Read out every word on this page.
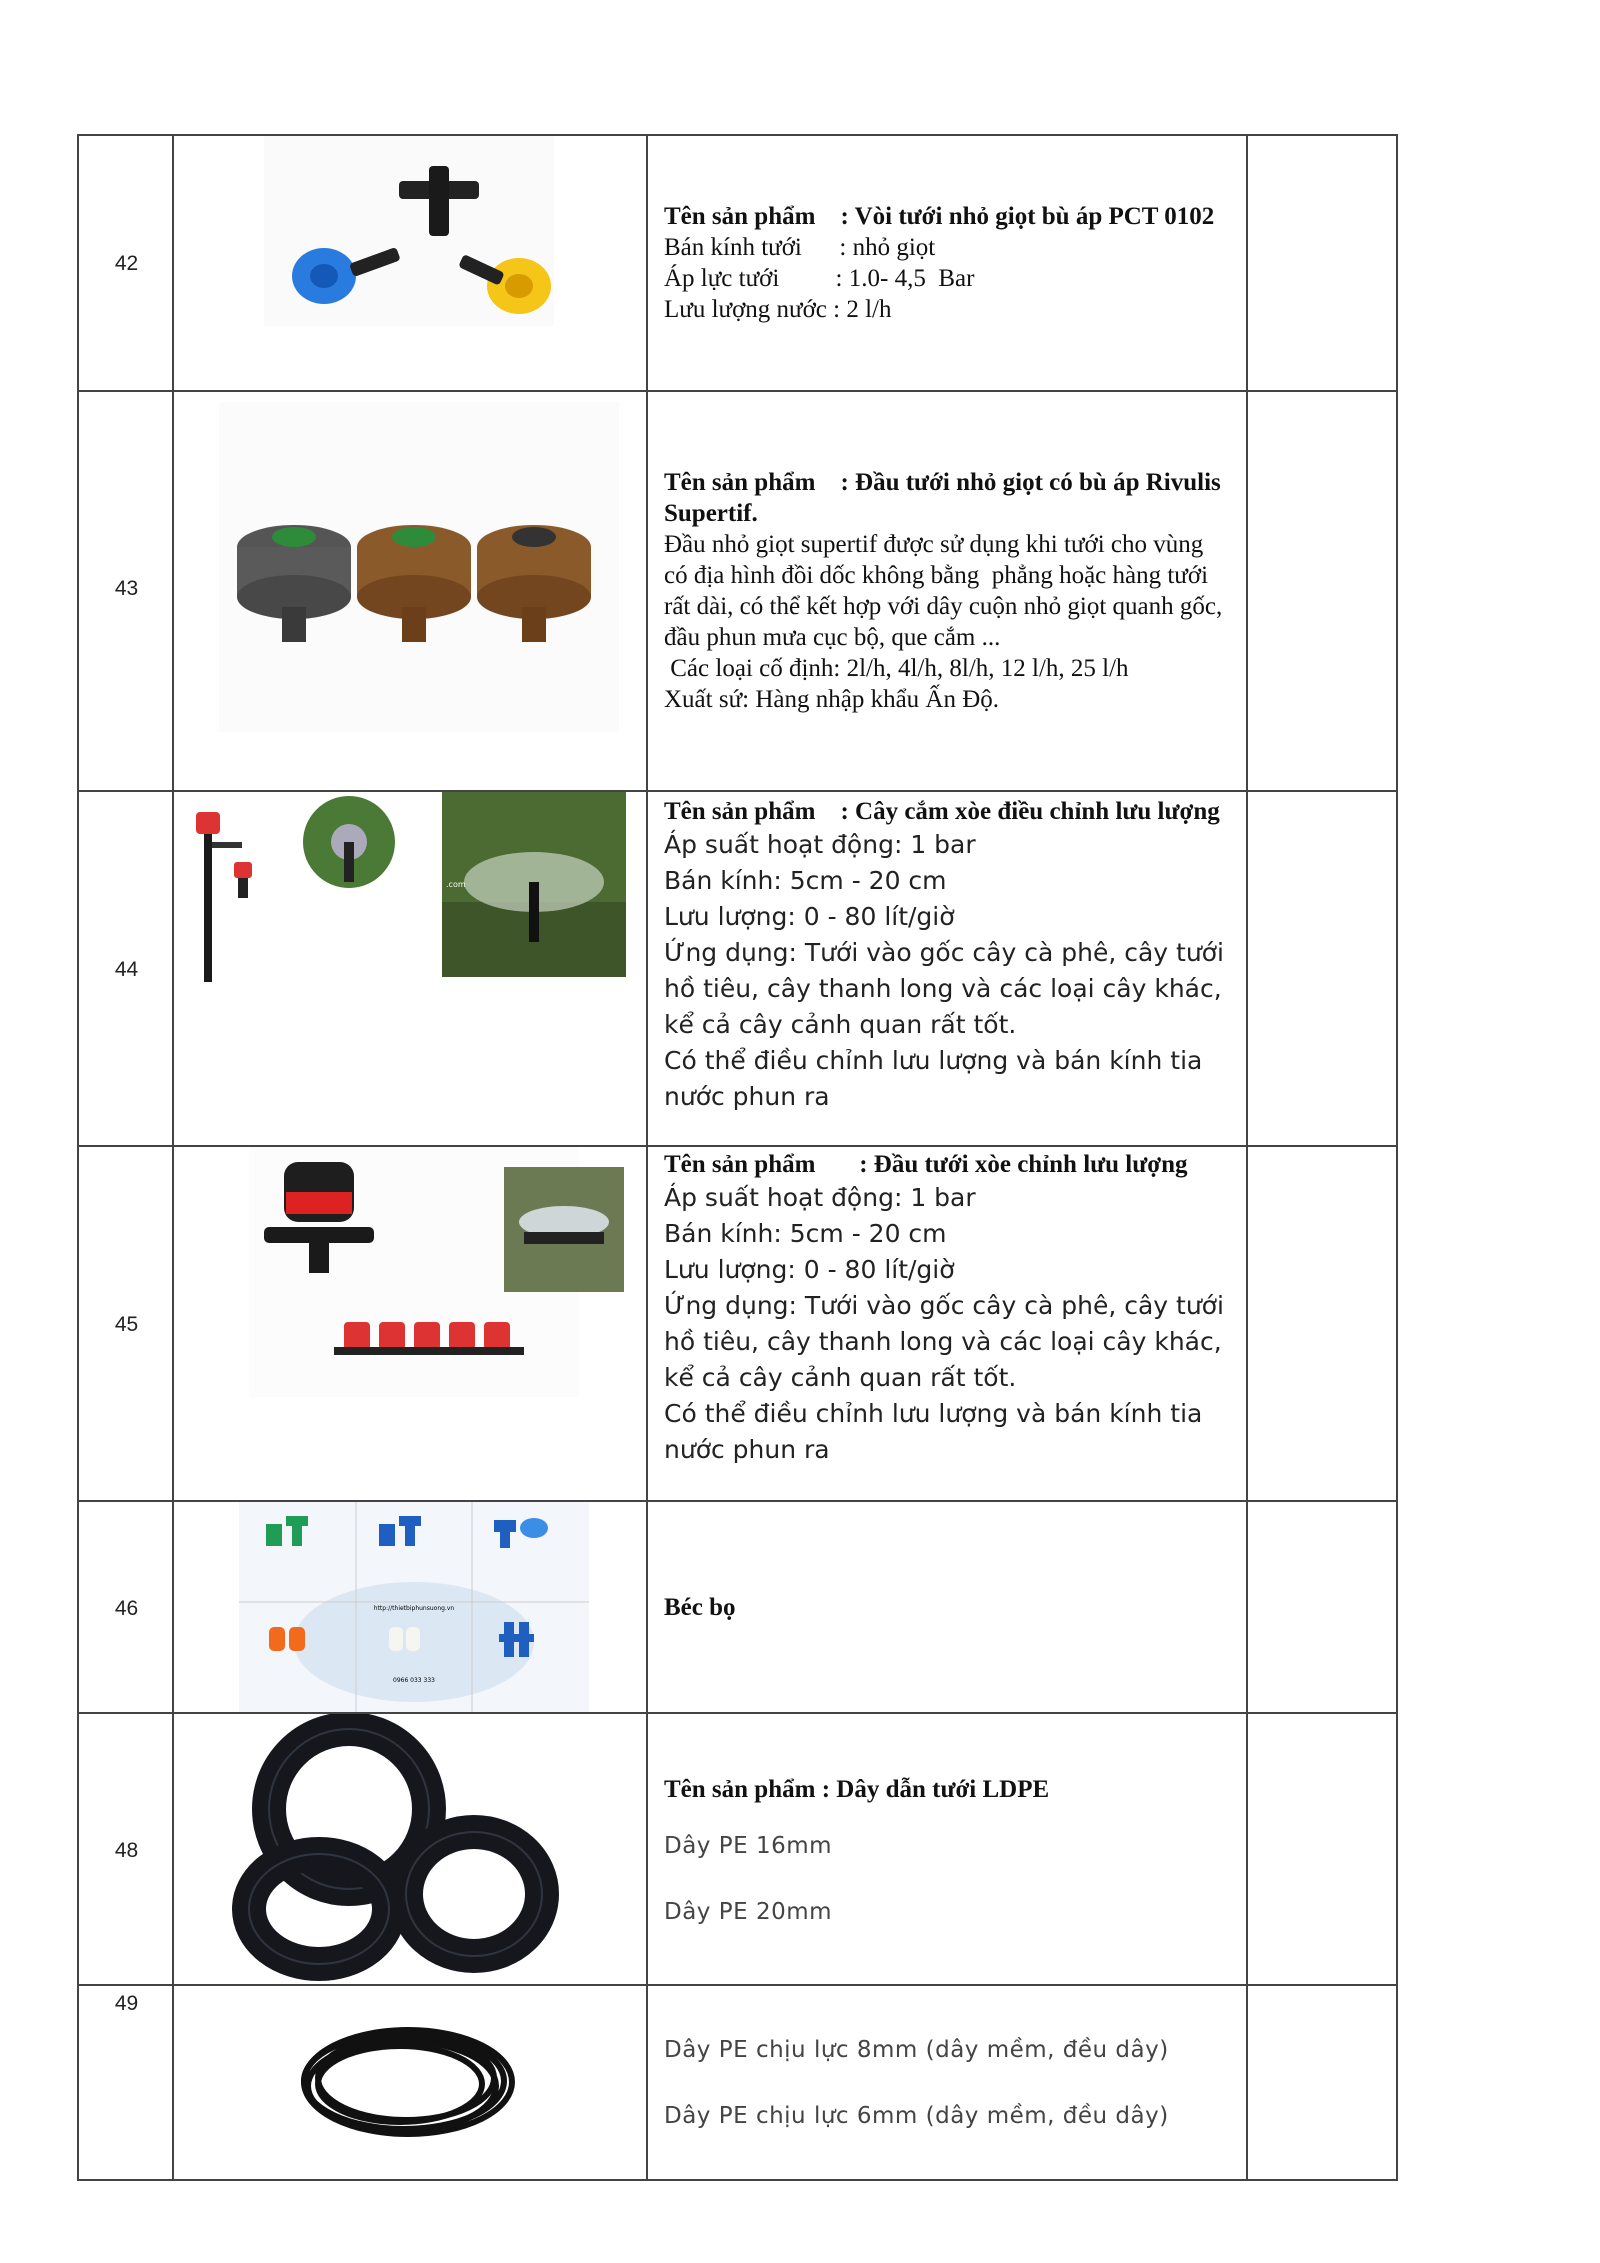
42
Tên sản phẩm : Vòi tưới nhỏ giọt bù áp PCT 0102
Bán kính tưới      : nhỏ giọt
Áp lực tưới         : 1.0- 4,5  Bar
Lưu lượng nước : 2 l/h
43
Tên sản phẩm : Đầu tưới nhỏ giọt có bù áp Rivulis Supertif.
Đầu nhỏ giọt supertif được sử dụng khi tưới cho vùng có địa hình đồi dốc không bằng  phẳng hoặc hàng tưới rất dài, có thể kết hợp với dây cuộn nhỏ giọt quanh gốc, đầu phun mưa cục bộ, que cắm ...
Các loại cố định: 2l/h, 4l/h, 8l/h, 12 l/h, 25 l/h
Xuất sứ: Hàng nhập khẩu Ấn Độ.
44
.com
Tên sản phẩm : Cây cắm xòe điều chỉnh lưu lượng
Áp suất hoạt động: 1 bar
Bán kính: 5cm - 20 cm
Lưu lượng: 0 - 80 lít/giờ
Ứng dụng: Tưới vào gốc cây cà phê, cây tưới hồ tiêu, cây thanh long và các loại cây khác, kể cả cây cảnh quan rất tốt.
Có thể điều chỉnh lưu lượng và bán kính tia nước phun ra
45
Tên sản phẩm : Đầu tưới xòe chỉnh lưu lượng
Áp suất hoạt động: 1 bar
Bán kính: 5cm - 20 cm
Lưu lượng: 0 - 80 lít/giờ
Ứng dụng: Tưới vào gốc cây cà phê, cây tưới hồ tiêu, cây thanh long và các loại cây khác, kể cả cây cảnh quan rất tốt.
Có thể điều chỉnh lưu lượng và bán kính tia nước phun ra
46	http://thietbiphunsuong.vn
0966 033 333
Béc bọ
48
Tên sản phẩm : Dây dẫn tưới LDPE
Dây PE 16mm
Dây PE 20mm
49
Dây PE chịu lực 8mm (dây mềm, đều dây)
Dây PE chịu lực 6mm (dây mềm, đều dây)
